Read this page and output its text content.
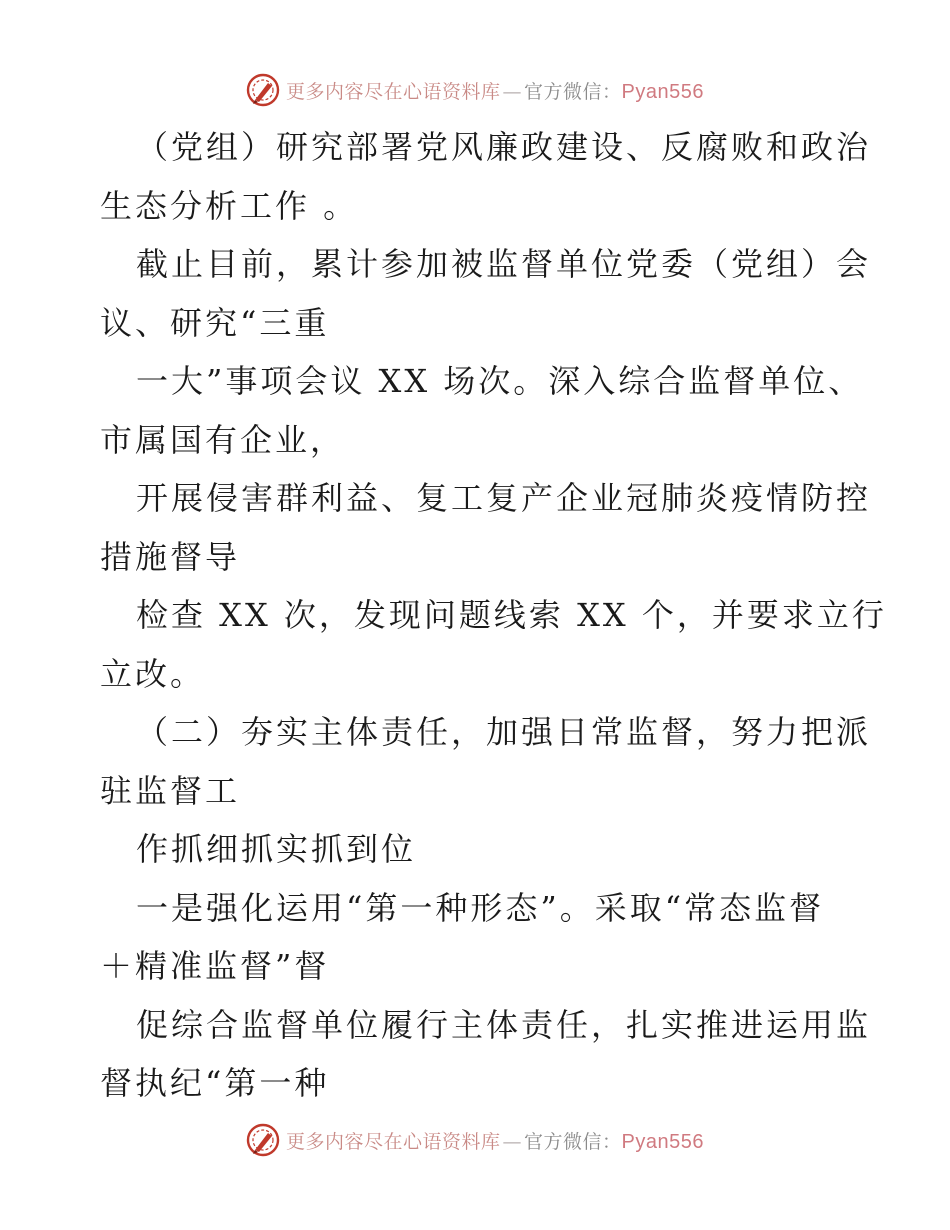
更多内容尽在心语资料库 — 官方微信：Pyan556
（党组）研究部署党风廉政建设、反腐败和政治
生态分析工作 。
截止目前，累计参加被监督单位党委（党组）会
议、研究“三重
一大”事项会议 XX 场次。深入综合监督单位、
市属国有企业，
开展侵害群利益、复工复产企业冠肺炎疫情防控
措施督导
检查 XX 次，发现问题线索 XX 个，并要求立行
立改。
（二）夯实主体责任，加强日常监督，努力把派
驻监督工
作抓细抓实抓到位
一是强化运用“第一种形态”。采取“常态监督
＋精准监督”督
促综合监督单位履行主体责任，扎实推进运用监
督执纪“第一种
更多内容尽在心语资料库 — 官方微信：Pyan556
